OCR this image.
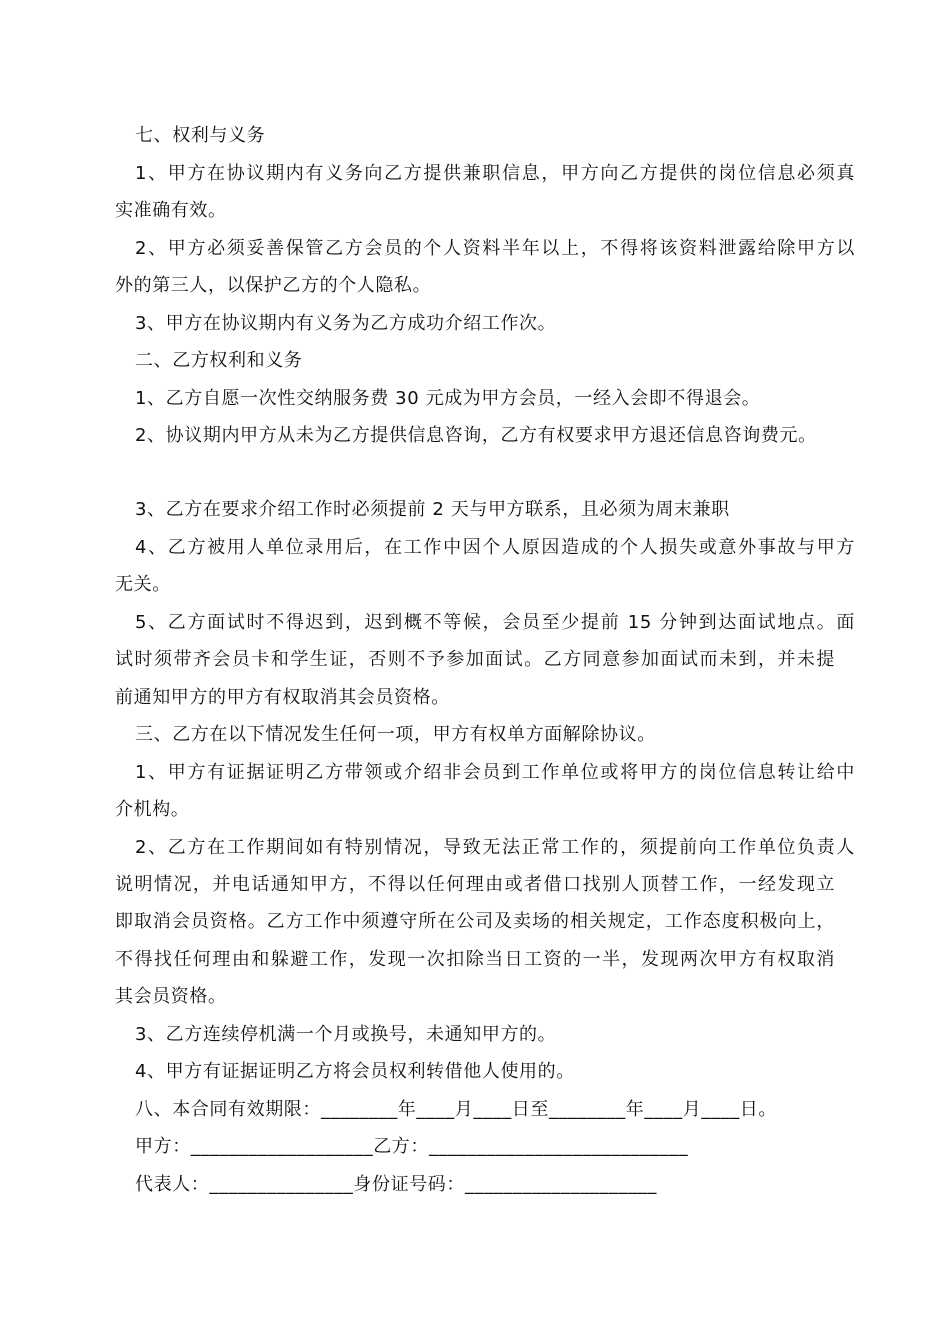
七、权利与义务
1、甲方在协议期内有义务向乙方提供兼职信息，甲方向乙方提供的岗位信息必须真
实准确有效。
2、甲方必须妥善保管乙方会员的个人资料半年以上，不得将该资料泄露给除甲方以
外的第三人，以保护乙方的个人隐私。
3、甲方在协议期内有义务为乙方成功介绍工作次。
二、乙方权利和义务
1、乙方自愿一次性交纳服务费 30 元成为甲方会员，一经入会即不得退会。
2、协议期内甲方从未为乙方提供信息咨询，乙方有权要求甲方退还信息咨询费元。
3、乙方在要求介绍工作时必须提前 2 天与甲方联系，且必须为周末兼职
4、乙方被用人单位录用后，在工作中因个人原因造成的个人损失或意外事故与甲方
无关。
5、乙方面试时不得迟到，迟到概不等候，会员至少提前 15 分钟到达面试地点。面
试时须带齐会员卡和学生证，否则不予参加面试。乙方同意参加面试而未到，并未提
前通知甲方的甲方有权取消其会员资格。
三、乙方在以下情况发生任何一项，甲方有权单方面解除协议。
1、甲方有证据证明乙方带领或介绍非会员到工作单位或将甲方的岗位信息转让给中
介机构。
2、乙方在工作期间如有特别情况，导致无法正常工作的，须提前向工作单位负责人
说明情况，并电话通知甲方，不得以任何理由或者借口找别人顶替工作，一经发现立
即取消会员资格。乙方工作中须遵守所在公司及卖场的相关规定，工作态度积极向上，
不得找任何理由和躲避工作，发现一次扣除当日工资的一半，发现两次甲方有权取消
其会员资格。
3、乙方连续停机满一个月或换号，未通知甲方的。
4、甲方有证据证明乙方将会员权利转借他人使用的。
八、本合同有效期限：________年____月____日至________年____月____日。
甲方：___________________乙方：___________________________
代表人：_______________身份证号码：____________________
